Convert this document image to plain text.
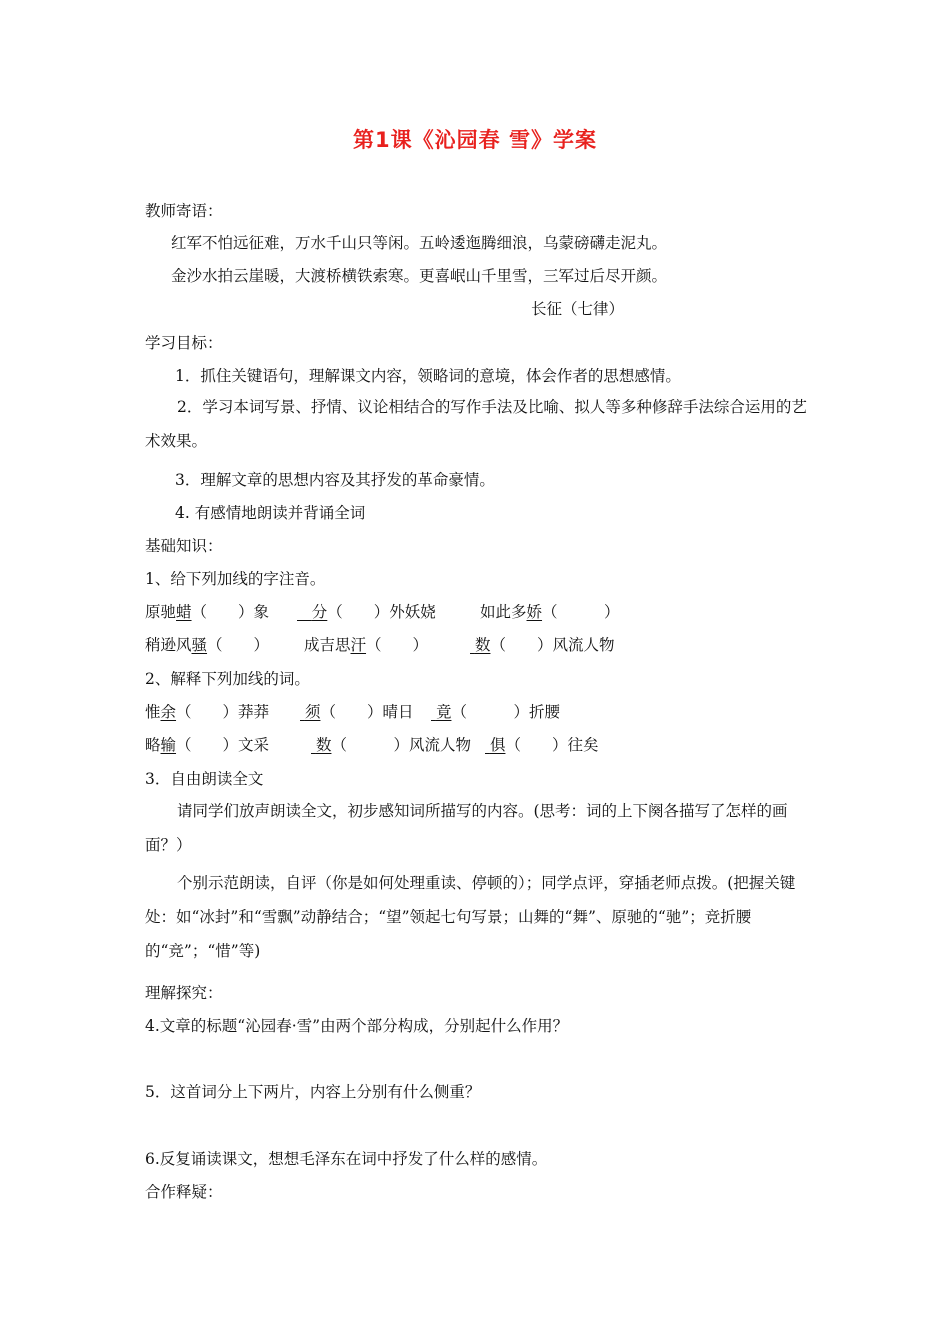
第1课《沁园春 雪》学案
教师寄语：
红军不怕远征难，万水千山只等闲。五岭逶迤腾细浪，乌蒙磅礴走泥丸。
金沙水拍云崖暖，大渡桥横铁索寒。更喜岷山千里雪，三军过后尽开颜。
长征（七律）
学习目标：
1．抓住关键语句，理解课文内容，领略词的意境，体会作者的思想感情。
2．学习本词写景、抒情、议论相结合的写作手法及比喻、拟人等多种修辞手法综合运用的艺术效果。
3．理解文章的思想内容及其抒发的革命豪情。
4. 有感情地朗读并背诵全词
基础知识：
1、给下列加线的字注音。
原驰蜡（　　）象	分（　　）外妖娆	如此多娇（　　　）
稍逊风骚（　　） 成吉思汗（　　）	数（　　）风流人物
2、解释下列加线的词。
惟余（　　）莽莽	须（　　）晴日	竟（　　　）折腰
略输（　　）文采	数（　　　）风流人物	俱（　　）往矣
3．自由朗读全文
请同学们放声朗读全文，初步感知词所描写的内容。(思考：词的上下阕各描写了怎样的画面？）
个别示范朗读，自评（你是如何处理重读、停顿的）；同学点评，穿插老师点拨。(把握关键处：如“冰封”和“雪飘”动静结合；“望”领起七句写景；山舞的“舞”、原驰的“驰”；竞折腰的“竞”；“惜”等)
理解探究：
4.文章的标题“沁园春·雪”由两个部分构成，分别起什么作用？
5．这首词分上下两片，内容上分别有什么侧重？
6.反复诵读课文，想想毛泽东在词中抒发了什么样的感情。
合作释疑：
